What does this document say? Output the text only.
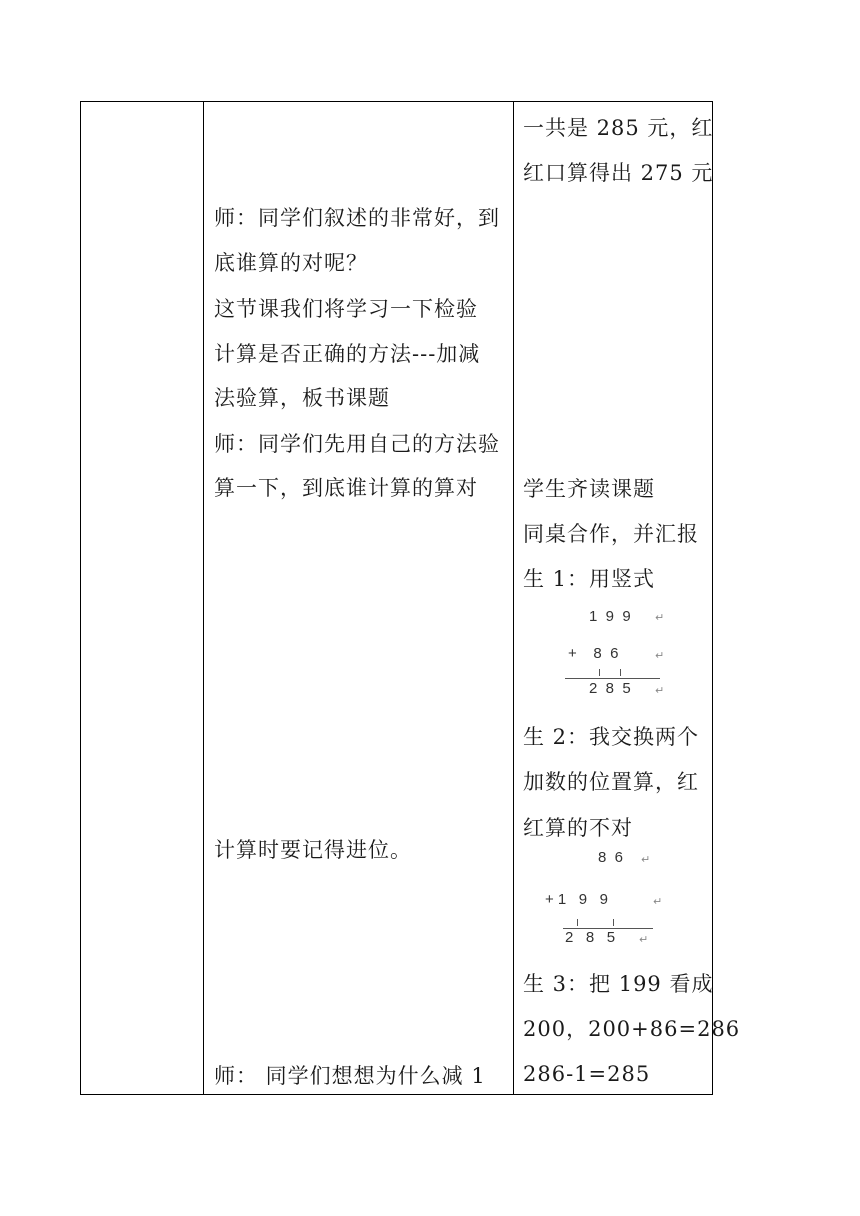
师：同学们叙述的非常好，到
底谁算的对呢？
这节课我们将学习一下检验
计算是否正确的方法---加减
法验算，板书课题
师：同学们先用自己的方法验
算一下，到底谁计算的算对
计算时要记得进位。
师： 同学们想想为什么减 1
一共是 285 元，红
红口算得出 275 元
学生齐读课题
同桌合作，并汇报
生 1：用竖式
生 2：我交换两个
加数的位置算，红
红算的不对
生 3：把 199 看成
200，200+86=286
286-1=285
1  9  9 ↵
+    8  6	↵
2  8  5 ↵
8  6 ↵
+ 1   9   9	↵
2   8   5 ↵
